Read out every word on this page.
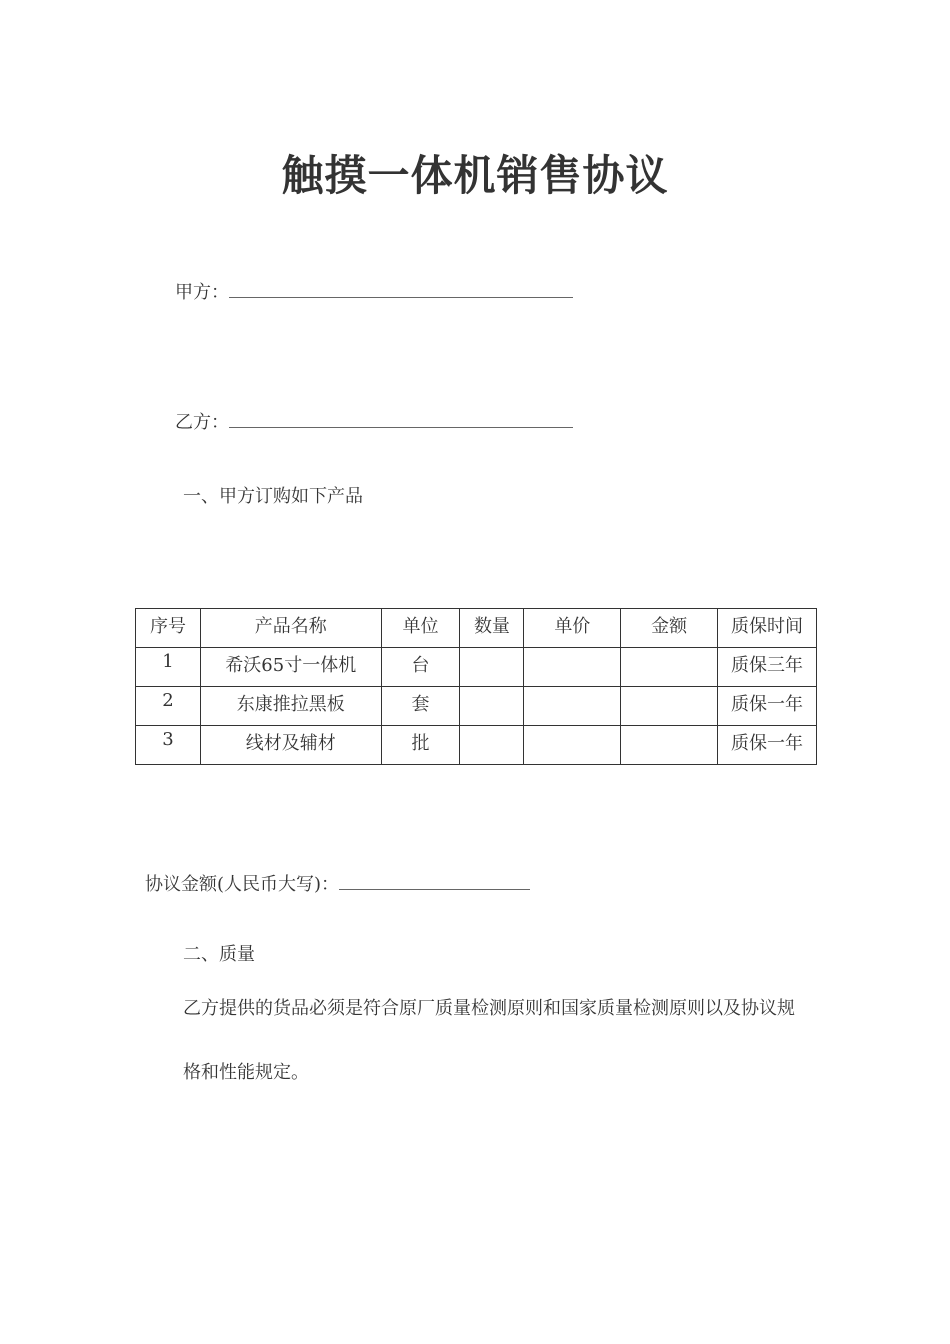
触摸一体机销售协议
甲方：
乙方：
一、甲方订购如下产品
序号	产品名称	单位	数量	单价	金额	质保时间
1	希沃65寸一体机	台				质保三年
2	东康推拉黑板	套				质保一年
3	线材及辅材	批				质保一年
协议金额(人民币大写)：
二、质量
乙方提供的货品必须是符合原厂质量检测原则和国家质量检测原则以及协议规格和性能规定。
